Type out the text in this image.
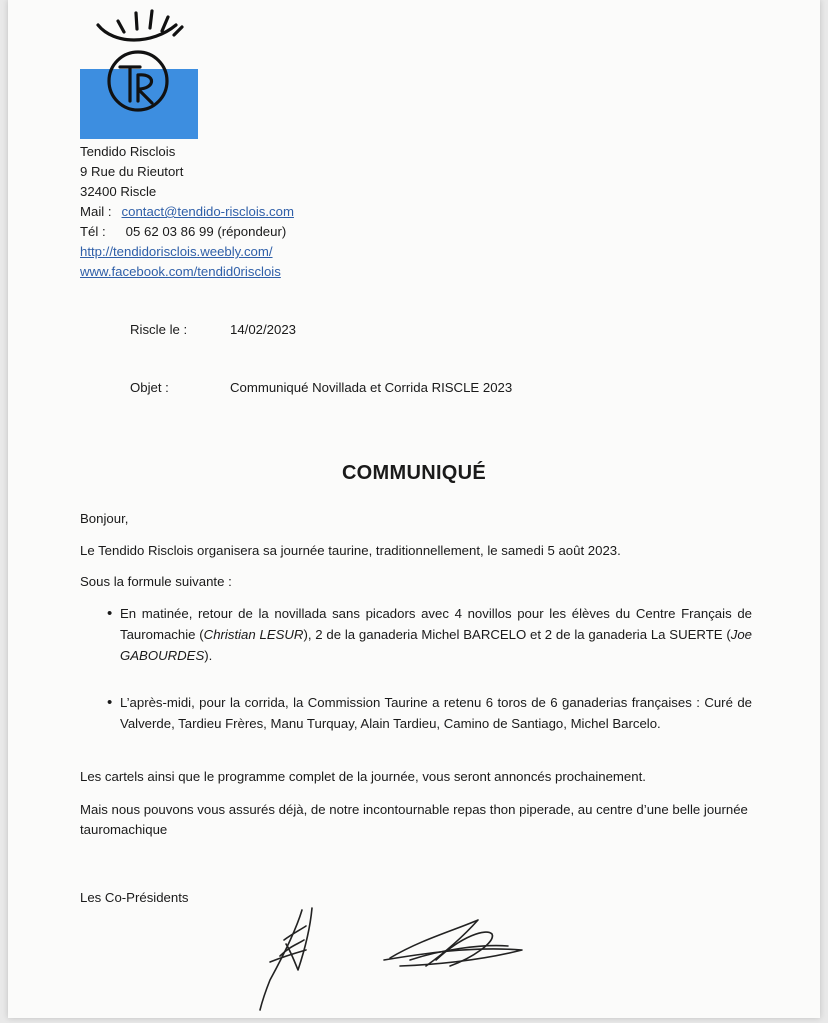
Tendido Risclois
9 Rue du Rieutort
32400 Riscle
Mail : contact@tendido-risclois.com
Tél : 05 62 03 86 99 (répondeur)
http://tendidorisclois.weebly.com/
www.facebook.com/tendid0risclois
Riscle le :	14/02/2023
Objet :	Communiqué Novillada et Corrida RISCLE 2023
COMMUNIQUÉ
Bonjour,
Le Tendido Risclois organisera sa journée taurine, traditionnellement, le samedi 5 août 2023.
Sous la formule suivante :
• En matinée, retour de la novillada sans picadors avec 4 novillos pour les élèves du Centre Français de Tauromachie (Christian LESUR), 2 de la ganaderia Michel BARCELO et 2 de la ganaderia La SUERTE (Joe GABOURDES).
• L’après-midi, pour la corrida, la Commission Taurine a retenu 6 toros de 6 ganaderias françaises : Curé de Valverde, Tardieu Frères, Manu Turquay, Alain Tardieu, Camino de Santiago, Michel Barcelo.
Les cartels ainsi que le programme complet de la journée, vous seront annoncés prochainement.
Mais nous pouvons vous assurés déjà, de notre incontournable repas thon piperade, au centre d’une belle journée tauromachique
Les Co-Présidents
